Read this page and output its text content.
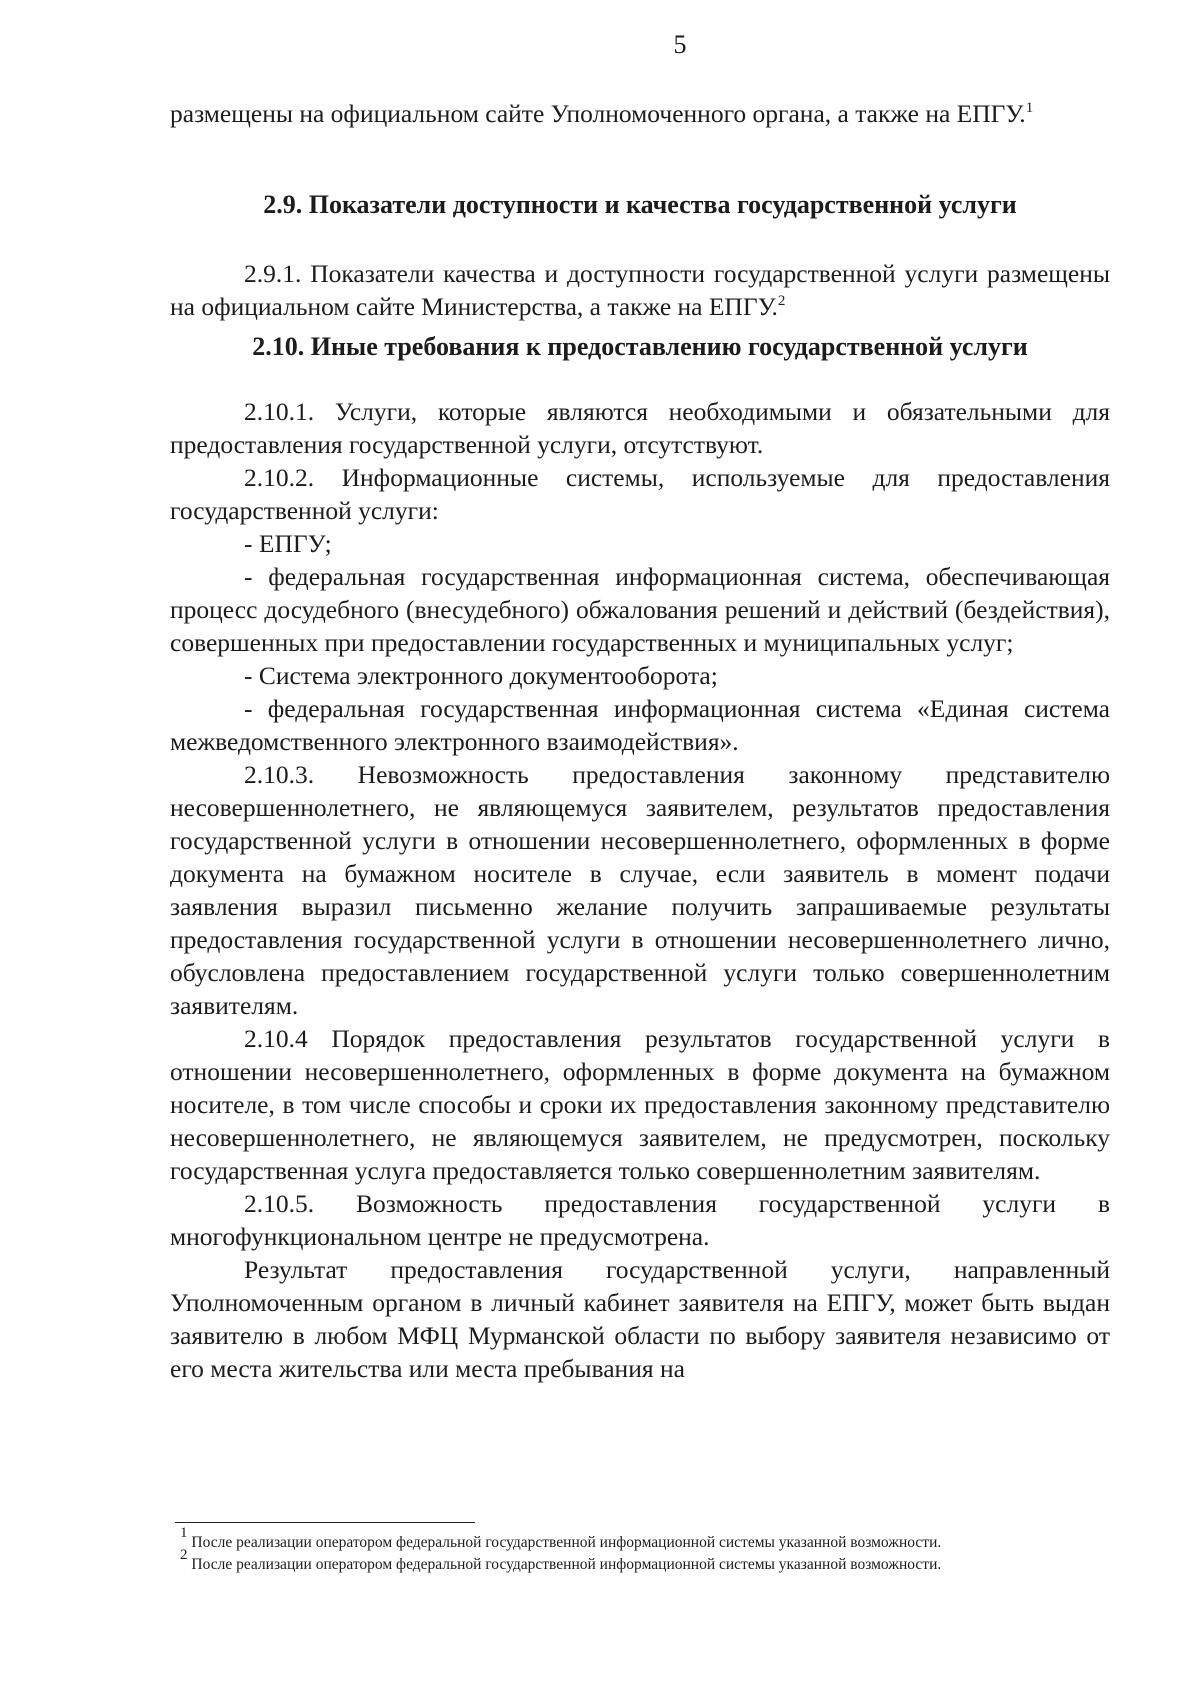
5

размещены на официальном сайте Уполномоченного органа, а также на ЕПГУ.$^1$

2.9. Показатели доступности и качества государственной услуги

2.9.1. Показатели качества и доступности государственной услуги размещены на официальном сайте Министерства, а также на ЕПГУ.$^2$

2.10. Иные требования к предоставлению государственной услуги

2.10.1. Услуги, которые являются необходимыми и обязательными для предоставления государственной услуги, отсутствуют.

2.10.2. Информационные системы, используемые для предоставления государственной услуги:

- ЕПГУ;

- федеральная государственная информационная система, обеспечивающая процесс досудебного (внесудебного) обжалования решений и действий (бездействия), совершенных при предоставлении государственных и муниципальных услуг;

- Система электронного документооборота;

- федеральная государственная информационная система «Единая система межведомственного электронного взаимодействия».

2.10.3. Невозможность предоставления законному представителю несовершеннолетнего, не являющемуся заявителем, результатов предоставления государственной услуги в отношении несовершеннолетнего, оформленных в форме документа на бумажном носителе в случае, если заявитель в момент подачи заявления выразил письменно желание получить запрашиваемые результаты предоставления государственной услуги в отношении несовершеннолетнего лично, обусловлена предоставлением государственной услуги только совершеннолетним заявителям.

2.10.4 Порядок предоставления результатов государственной услуги в отношении несовершеннолетнего, оформленных в форме документа на бумажном носителе, в том числе способы и сроки их предоставления законному представителю несовершеннолетнего, не являющемуся заявителем, не предусмотрен, поскольку государственная услуга предоставляется только совершеннолетним заявителям.

2.10.5. Возможность предоставления государственной услуги в многофункциональном центре не предусмотрена.

Результат предоставления государственной услуги, направленный Уполномоченным органом в личный кабинет заявителя на ЕПГУ, может быть выдан заявителю в любом МФЦ Мурманской области по выбору заявителя независимо от его места жительства или места пребывания на

$^1$ После реализации оператором федеральной государственной информационной системы указанной возможности.

$^2$ После реализации оператором федеральной государственной информационной системы указанной возможности.
